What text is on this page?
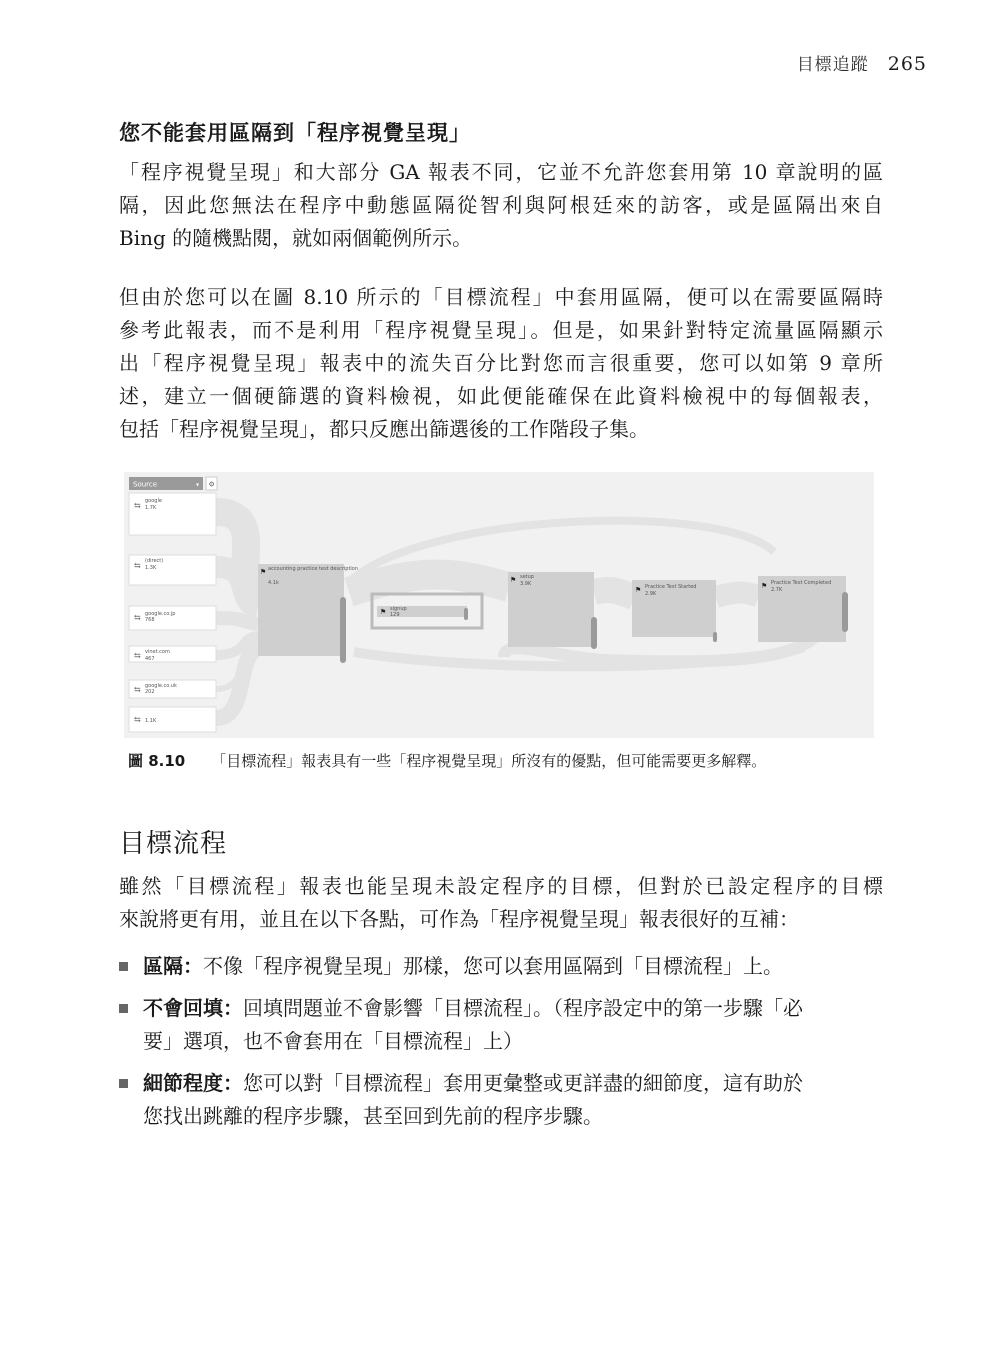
目標追蹤 265
您不能套用區隔到「程序視覺呈現」
「程序視覺呈現」和大部分 GA 報表不同，它並不允許您套用第 10 章說明的區
隔，因此您無法在程序中動態區隔從智利與阿根廷來的訪客，或是區隔出來自
Bing 的隨機點閱，就如兩個範例所示。
但由於您可以在圖 8.10 所示的「目標流程」中套用區隔，便可以在需要區隔時
參考此報表，而不是利用「程序視覺呈現」。但是，如果針對特定流量區隔顯示
出「程序視覺呈現」報表中的流失百分比對您而言很重要，您可以如第 9 章所
述，建立一個硬篩選的資料檢視，如此便能確保在此資料檢視中的每個報表，
包括「程序視覺呈現」，都只反應出篩選後的工作階段子集。
Source	▾ ⚙
⇆ google
1.7K
⇆ (direct)
1.3K
⇆ google.co.jp
768
⇆ vinet.com
467
⇆ google.co.uk
202
⇆ 1.1K
⚑ accounting practice test description
4.1k
⚑ signup
129
⚑ setup
3.9K
⚑ Practice Test Started
2.9K
⚑ Practice Test Completed
2.7K
圖 8.10 「目標流程」報表具有一些「程序視覺呈現」所沒有的優點，但可能需要更多解釋。
目標流程
雖然「目標流程」報表也能呈現未設定程序的目標，但對於已設定程序的目標
來說將更有用，並且在以下各點，可作為「程序視覺呈現」報表很好的互補：
區隔：不像「程序視覺呈現」那樣，您可以套用區隔到「目標流程」上。
不會回填：回填問題並不會影響「目標流程」。（程序設定中的第一步驟「必
要」選項，也不會套用在「目標流程」上）
細節程度：您可以對「目標流程」套用更彙整或更詳盡的細節度，這有助於
您找出跳離的程序步驟，甚至回到先前的程序步驟。
